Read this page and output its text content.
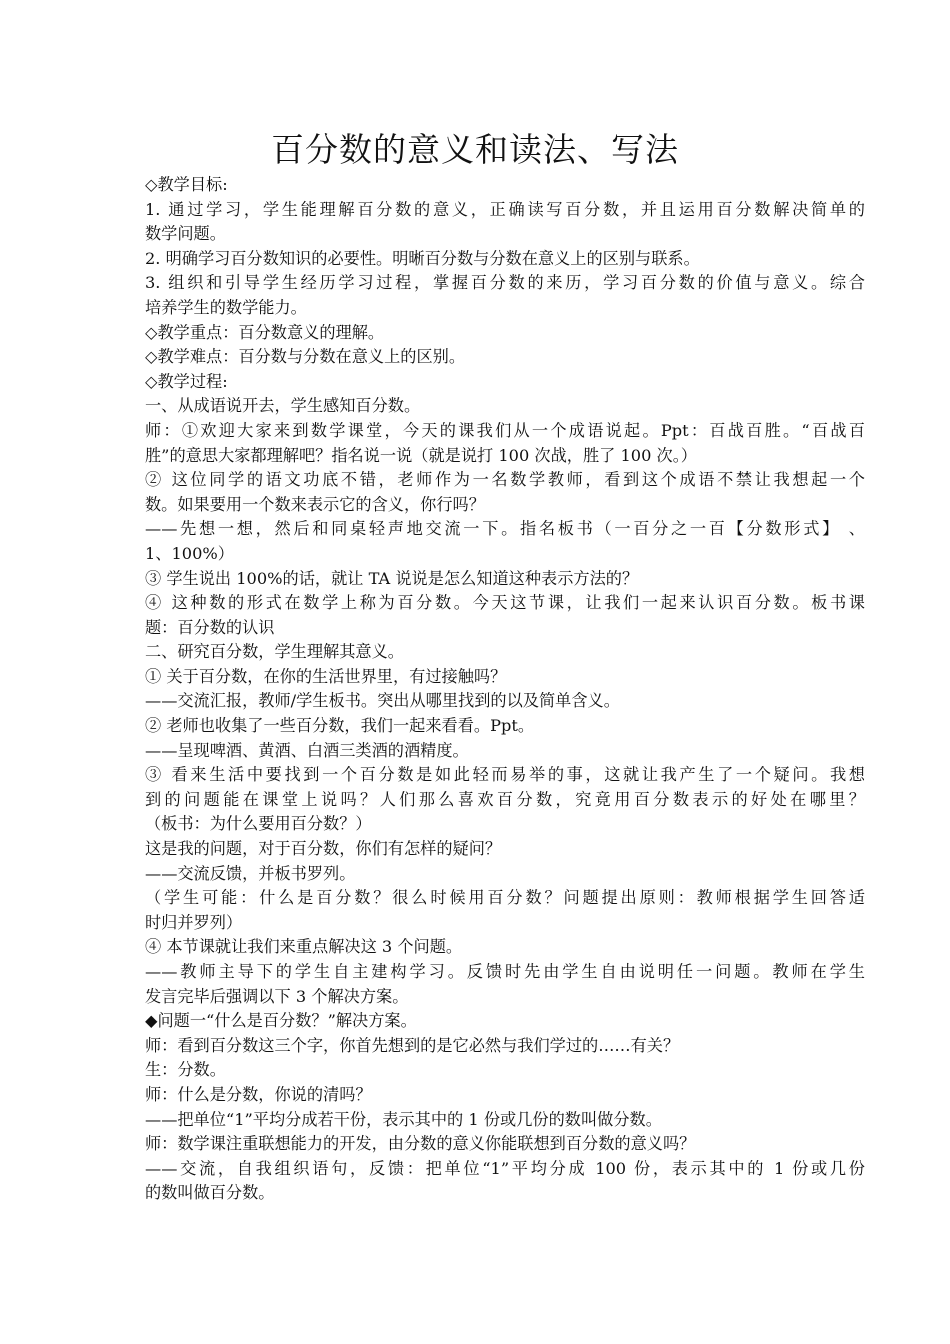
百分数的意义和读法、写法

◇教学目标:

1. 通过学习，学生能理解百分数的意义，正确读写百分数，并且运用百分数解决简单的

数学问题。

2. 明确学习百分数知识的必要性。明晰百分数与分数在意义上的区别与联系。

3. 组织和引导学生经历学习过程，掌握百分数的来历，学习百分数的价值与意义。综合

培养学生的数学能力。

◇教学重点：百分数意义的理解。

◇教学难点：百分数与分数在意义上的区别。

◇教学过程:

一、从成语说开去，学生感知百分数。

师：①欢迎大家来到数学课堂，今天的课我们从一个成语说起。Ppt：百战百胜。“百战百

胜”的意思大家都理解吧？指名说一说（就是说打 100 次战，胜了 100 次。）

② 这位同学的语文功底不错，老师作为一名数学教师，看到这个成语不禁让我想起一个

数。如果要用一个数来表示它的含义，你行吗？

——先想一想，然后和同桌轻声地交流一下。指名板书（一百分之一百【分数形式】 、

1、100%）

③ 学生说出 100%的话，就让 TA 说说是怎么知道这种表示方法的？

④ 这种数的形式在数学上称为百分数。今天这节课，让我们一起来认识百分数。板书课

题：百分数的认识

二、研究百分数，学生理解其意义。

① 关于百分数，在你的生活世界里，有过接触吗？

——交流汇报，教师/学生板书。突出从哪里找到的以及简单含义。

② 老师也收集了一些百分数，我们一起来看看。Ppt。

——呈现啤酒、黄酒、白酒三类酒的酒精度。

③ 看来生活中要找到一个百分数是如此轻而易举的事，这就让我产生了一个疑问。我想

到的问题能在课堂上说吗？人们那么喜欢百分数，究竟用百分数表示的好处在哪里？

（板书：为什么要用百分数？）

这是我的问题，对于百分数，你们有怎样的疑问？

——交流反馈，并板书罗列。

（学生可能：什么是百分数？很么时候用百分数？问题提出原则：教师根据学生回答适

时归并罗列）

④ 本节课就让我们来重点解决这 3 个问题。

——教师主导下的学生自主建构学习。反馈时先由学生自由说明任一问题。教师在学生

发言完毕后强调以下 3 个解决方案。

◆问题一“什么是百分数？”解决方案。

师：看到百分数这三个字，你首先想到的是它必然与我们学过的……有关？

生：分数。

师：什么是分数，你说的清吗？

——把单位“1”平均分成若干份，表示其中的 1 份或几份的数叫做分数。

师：数学课注重联想能力的开发，由分数的意义你能联想到百分数的意义吗？

——交流，自我组织语句，反馈：把单位“1”平均分成 100 份，表示其中的 1 份或几份

的数叫做百分数。
